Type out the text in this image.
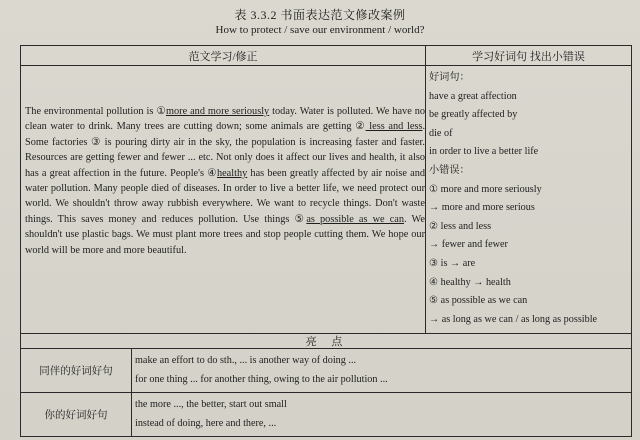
表 3.3.2 书面表达范文修改案例
How to protect / save our environment / world?
范文学习/修正	学习好词句 找出小错误
The environmental pollution is ①more and more seriously today. Water is polluted. We have no clean water to drink. Many trees are cutting down; some animals are getting ② less and less. Some factories ③ is pouring dirty air in the sky, the population is increasing faster and faster. Resources are getting fewer and fewer ... etc. Not only does it affect our lives and health, it also has a great affection in the future. People's ④healthy has been greatly affected by air noise and water pollution. Many people died of diseases. In order to live a better life, we need protect our world. We shouldn't throw away rubbish everywhere. We want to recycle things. Don't waste things. This saves money and reduces pollution. Use things ⑤as possible as we can. We shouldn't use plastic bags. We must plant more trees and stop people cutting them. We hope our world will be more and more beautiful.
好词句：
have a great affection
be greatly affected by
die of
in order to live a better life
小错误：
① more and more seriously
→ more and more serious
② less and less
→ fewer and fewer
③ is → are
④ healthy → health
⑤ as possible as we can
→ as long as we can / as long as possible
亮 点
同伴的好词好句
make an effort to do sth., ... is another way of doing ...
for one thing ... for another thing, owing to the air pollution ...
你的好词好句
the more ..., the better, start out small
instead of doing, here and there, ...
